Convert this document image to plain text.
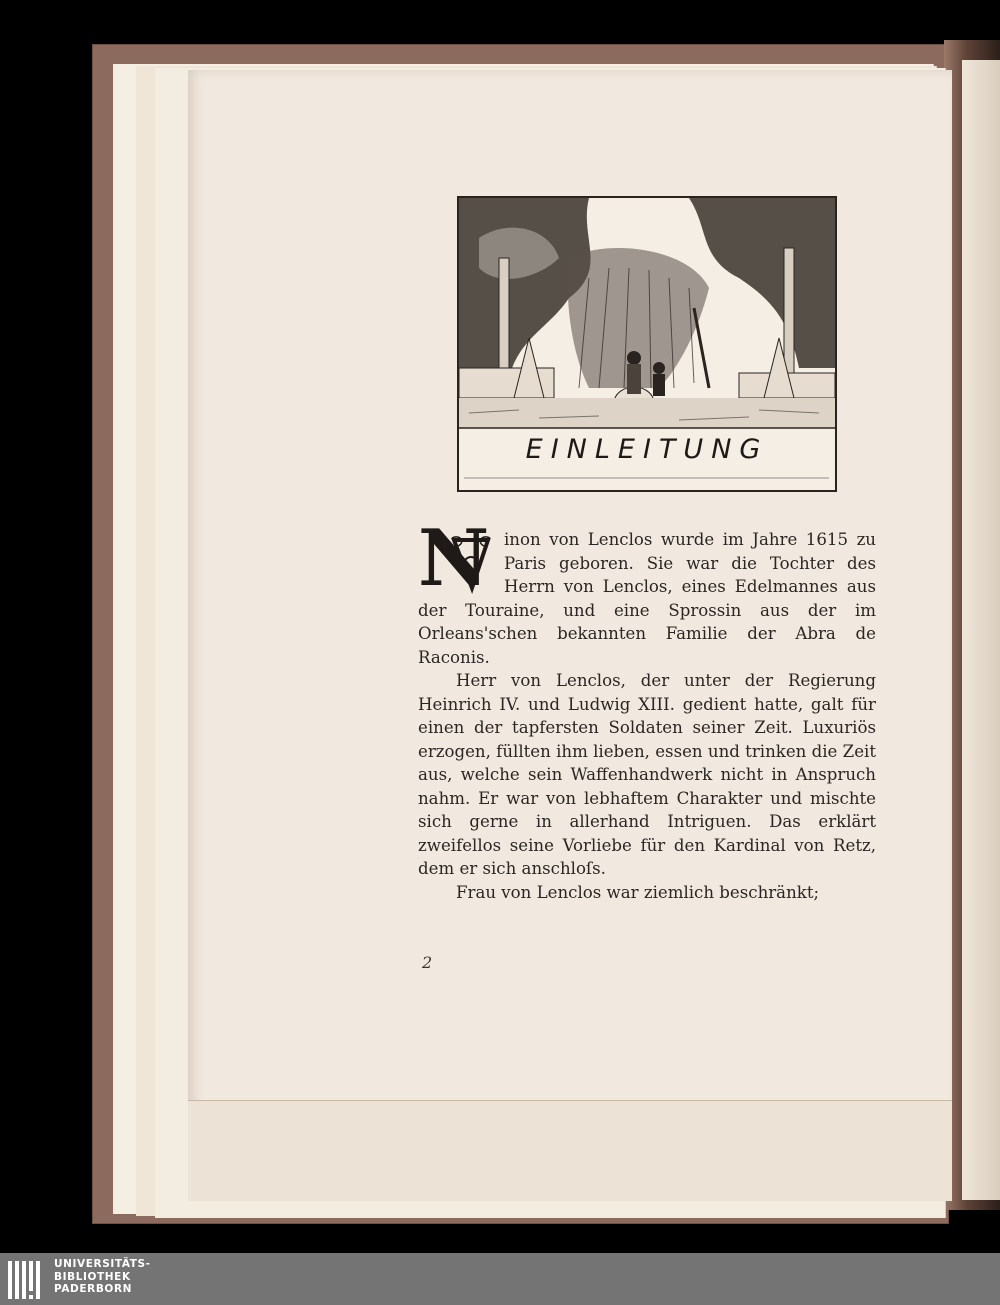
EINLEITUNG
N inon von Lenclos wurde im Jahre 1615 zu Paris geboren. Sie war die Tochter des Herrn von Lenclos, eines Edelmannes aus der Touraine, und eine Sprossin aus der im Orleans'schen bekannten Familie der Abra de Raconis.

Herr von Lenclos, der unter der Regierung Heinrich IV. und Ludwig XIII. gedient hatte, galt für einen der tapfersten Soldaten seiner Zeit. Luxuriös erzogen, füllten ihm lieben, essen und trinken die Zeit aus, welche sein Waffenhandwerk nicht in Anspruch nahm. Er war von lebhaftem Charakter und mischte sich gerne in allerhand Intriguen. Das erklärt zweifellos seine Vorliebe für den Kardinal von Retz, dem er sich anschloſs.

Frau von Lenclos war ziemlich beschränkt;

2
UNIVERSITÄTS-
BIBLIOTHEK
PADERBORN
